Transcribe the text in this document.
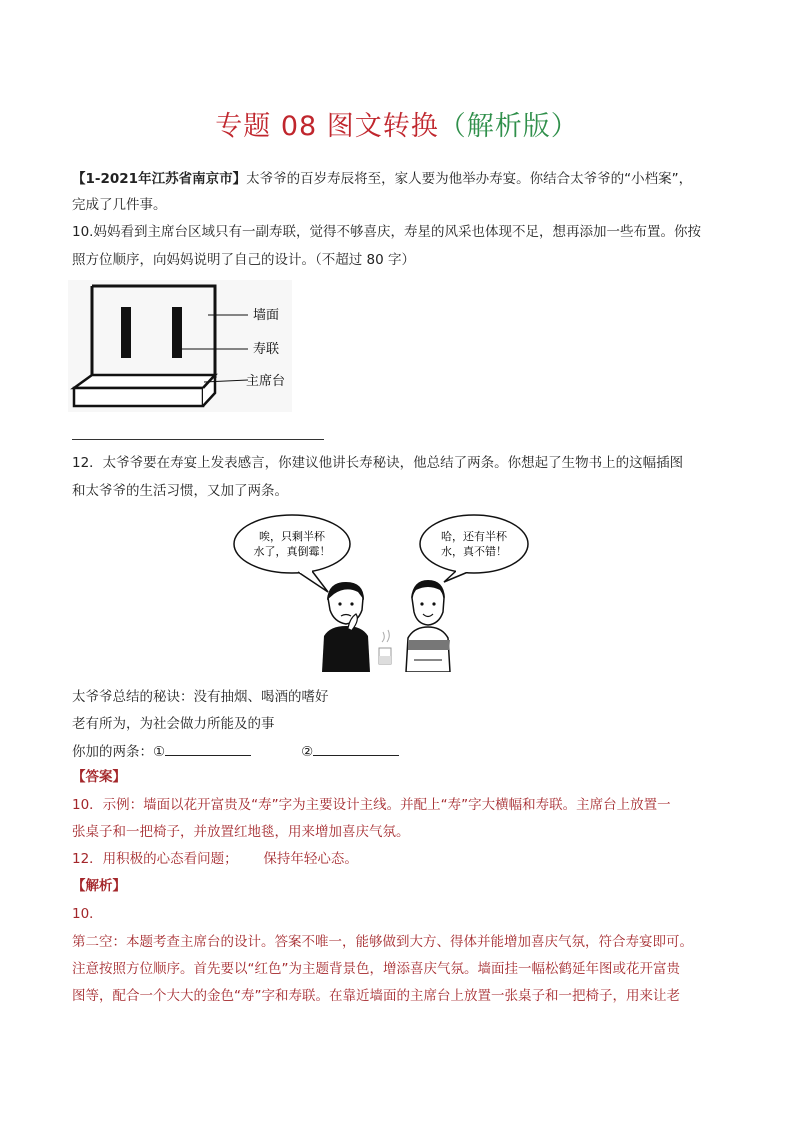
专题 08 图文转换（解析版）
【1-2021年江苏省南京市】太爷爷的百岁寿辰将至，家人要为他举办寿宴。你结合太爷爷的“小档案”，
完成了几件事。
10.妈妈看到主席台区域只有一副寿联，觉得不够喜庆，寿星的风采也体现不足，想再添加一些布置。你按
照方位顺序，向妈妈说明了自己的设计。（不超过 80 字）
墙面
寿联
主席台
12．太爷爷要在寿宴上发表感言，你建议他讲长寿秘诀，他总结了两条。你想起了生物书上的这幅插图
和太爷爷的生活习惯，又加了两条。
唉，只剩半杯
水了，真倒霉！
哈，还有半杯
水，真不错！
太爷爷总结的秘诀：没有抽烟、喝酒的嗜好
老有所为，为社会做力所能及的事
你加的两条：①	②
【答案】
10．示例：墙面以花开富贵及“寿”字为主要设计主线。并配上“寿”字大横幅和寿联。主席台上放置一
张桌子和一把椅子，并放置红地毯，用来增加喜庆气氛。
12．用积极的心态看问题；      保持年轻心态。
【解析】
10．
第二空：本题考查主席台的设计。答案不唯一，能够做到大方、得体并能增加喜庆气氛，符合寿宴即可。
注意按照方位顺序。首先要以“红色”为主题背景色，增添喜庆气氛。墙面挂一幅松鹤延年图或花开富贵
图等，配合一个大大的金色“寿”字和寿联。在靠近墙面的主席台上放置一张桌子和一把椅子，用来让老
